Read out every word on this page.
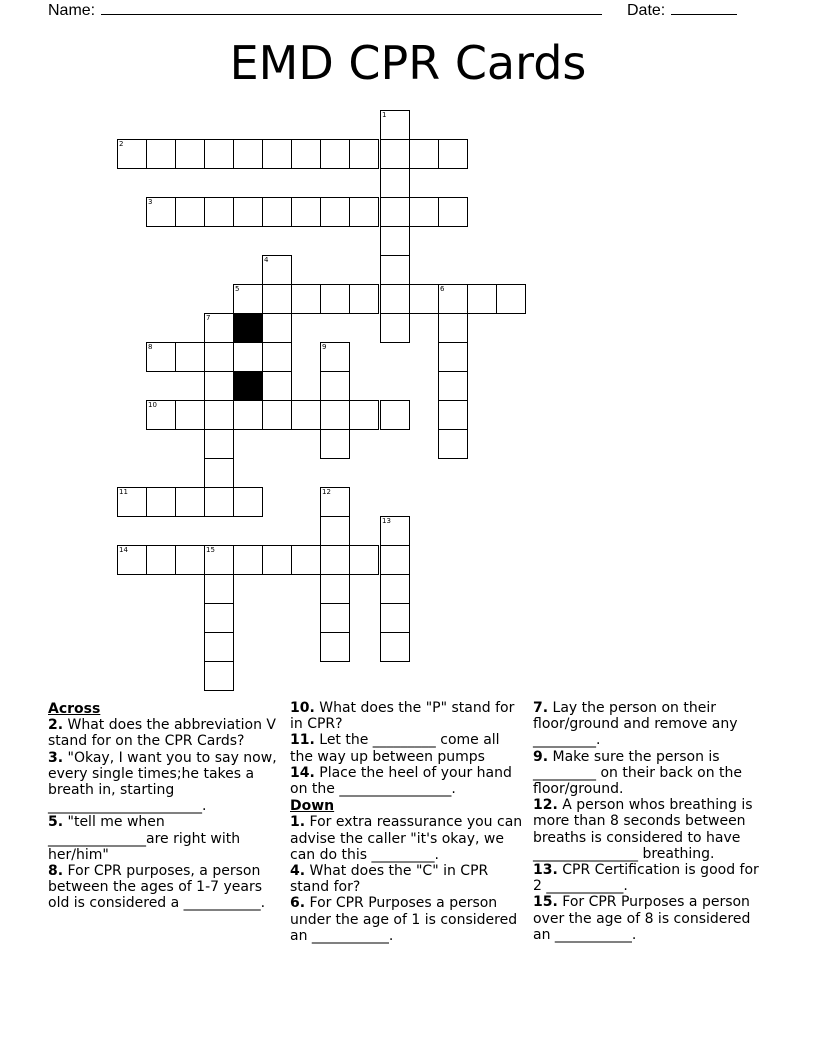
Name:	Date:
EMD CPR Cards
1
2
3
4
5	6
7
8	9
10
11	12
13
14	15
Across
2. What does the abbreviation V stand for on the CPR Cards?
3. "Okay, I want you to say now, every single times;he takes a breath in, starting ______________________.
5. "tell me when ______________are right with her/him"
8. For CPR purposes, a person between the ages of 1-7 years old is considered a ___________.
10. What does the "P" stand for in CPR?
11. Let the _________ come all the way up between pumps
14. Place the heel of your hand on the ________________.
Down
1. For extra reassurance you can advise the caller "it's okay, we can do this _________.
4. What does the "C" in CPR stand for?
6. For CPR Purposes a person under the age of 1 is considered an ___________.
7. Lay the person on their floor/ground and remove any _________.
9. Make sure the person is _________ on their back on the floor/ground.
12. A person whos breathing is more than 8 seconds between breaths is considered to have _______________ breathing.
13. CPR Certification is good for 2 ___________.
15. For CPR Purposes a person over the age of 8 is considered an ___________.
